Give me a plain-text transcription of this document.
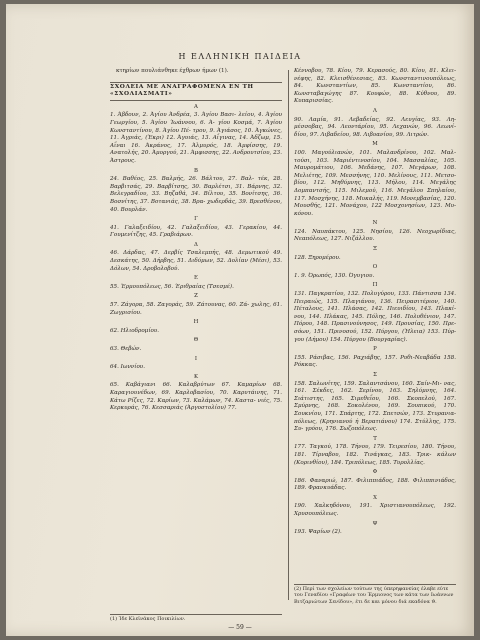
Η ΕΛΛΗΝΙΚΗ ΠΑΙΔΕΙΑ

κτηρίων πουλιάνθηκε έχθρων ήμων (1).

ΣΧΟΛΕΙΑ ΜΕ ΑΝΑΓΡΑΦΟΜΕΝΑ ΕΝ ΤΗ «ΣΧΟΛΙΑΣΜΑΤΙ»
Α

1. Άβδουν, 2. Άγίου Άνδρέα, 3. Άγίου Βασι- λείου, 4. Άγίου Γεωργίου, 5. Άγίου Ίωάννου, 6. Ά- γίου Κοσμά, 7. Άγίου Κωνσταντίνου, 8. Άγίου Πέ- τρου, 9. Άγιάσος, 10. Άγκώνες, 11. Άγριάς, (Έκρι) 12. Άγυιάς, 13. Αΐγινας, 14. Άδζωμ, 15. Αΐναι 16. Άκράνος, 17. Άλμυρός, 18. Άμφίσσης, 19. Ανατολής, 20. Άμοργού, 21. Άμφισσης, 22. Ανδρουτσίου, 23. Άστρους.

Β

24. Βαθέος, 25. Βαλμής, 26. Βάλτου, 27. Βαλ- τέκ, 28. Βαρβιτσάς, 29. Βαρβίτσης, 30. Βαρλέτσι, 31. Βάρνης, 32. Βελεγραδίου, 33. Βηζαθά, 34. Βίλτου, 35. Βονίτσης, 36. Βοσνίτης, 37. Βοτανιάς, 38. Βρα- χωδερδάς, 39. Βρεσθένου, 40. Βουρλάν.

Γ

41. Γαλαξειδίου, 42. Γαλαξειδίου, 43. Γερακίου, 44. Γουμενίτζης, 45. Γραβιάρων.

Δ

46. Δάρδας, 47. Δερβίς Τσαλεμπής, 48. Δεμωτικού 49. Δεσκάτης, 50. Δήρβης, 51. Διδύμων, 52. Δολίαν (Μέσι), 53. Δόλων, 54. Δροβολοβού.

Ε

55. Έρμουπόλεως, 56. Έριθραίας (Τσεσμέ).

Ζ

57. Ζάγορα, 58. Ζαγοράς, 59. Ζάτουνας, 60. Ζά- χωλης, 61. Ζωγρισίου.

Η

62. Ηλιοδρομίου.

Θ

63. Θεβών.

Ι

64. Ιωννίου.

Κ

65. Καβάγιανι 66. Καλαβρύτων 67. Καμαρίων 68. Καραγιουνέδων, 69. Καρλοβασίου, 70. Καρυτάινης, 71. Κάτω Ρίζες, 72. Καρίων, 73. Καλάμων, 74. Καστα- νιές, 75. Κερκυράς, 76. Κεσσαριάς (Άργοστολίου) 77.

Κέννοβου, 78. Κίου, 79. Κερασούς, 80. Κίου, 81. Κλει- νέφης, 82. Κλεισθένεσιας, 83. Κωνσταντινουπόλεως, 84. Κωνσταντίων, 85. Κωνσταντίου, 86. Κωνσταβαγώγης 87. Κουφών, 88. Κύθνου, 89. Κυπαρισσίας.

Λ

90. Λαμία, 91. Λεβαδείας, 92. Λευγίας, 93. Λη- μέσσοβας, 94. Λεοντάρίου, 95. Λεχανών, 96. Λεωνί- δίου, 97. Λιβαδείου, 98. Λιβυανίου, 99. Λιτρών.

Μ

100. Μαγούλιανών, 101. Μαλανδρίνου, 102. Μαλ- τούσι, 103. Μαριέντινοσίου, 104. Μασσαλίας, 105. Μαυρομάτιου, 106. Μεδάνης, 107. Μεγάρων, 108. Μελιέτης, 109. Μεσσήνης, 110. Μελίνους, 111. Μετσο- βίου, 112. Μηθύμνης, 113. Μήλου, 114. Μεγάλης Δομπαντσής, 115. Μιλεμού, 116. Μεγάλου Σπηλαίου, 117. Μοσχήνης, 118. Μυκαλής, 119. Μονεμβασίας, 120. Μουσθής, 121. Μονάχου, 122 Μοσχονησίων, 123. Μυ- κόνου.

Ν

124. Ναυπάκτου, 125. Νησίου, 126. Νεοχωρίδιας, Νεαπόλεως, 127. Νιζάλλου.

Ξ

128. Ξηρομέρου.

Ο

1. 9. Όρωπός, 130. Όγυγιου.

Π

131. Παγκρατίου, 132. Πολυγύρου, 133. Πάντισσα 134. Πειραιώς, 135. Πλαγιάνου, 136. Πειρασιτέριον, 140. Πέταλους, 141. Πλάσας, 142. Πιευιδίου, 143. Πλακί- νου, 144. Πλάκας, 145. Πόλης, 146. Πολυθένιον, 147. Πόρου, 148. Πρασινούνησος, 149. Προυσίας, 150. Πρε- σόων, 151. Πρινοσού, 152. Πύργου, (Ήλεια) 153. Πύρ- γου (Δήμου) 154. Πύργου (Βουργαρίας).

Ρ

155. Ράσιβας, 156. Ραχιάβης, 157. Ρυθι-Νεαβάδα 158. Ρόκκας.

Σ

158. Σαλωνίτης, 159. Σαλαντσάνου, 160. Σαίν-Μι- νας, 161. Σέκδες, 162. Σερίνου, 163. Σηλύμνης, 164. Σιάτιστης, 165. Σιμεθεΐου, 166. Σκοπελού, 167. Σμύρνης, 168. Σοκολένου, 169. Σουπικού, 170. Σουκνίου, 171. Σπάρτης, 172. Σπετσών, 173. Στυρανια- πόλεως, (Κρηνιανού ή Βερατιάνου) 174. Στύλλης, 175. Συ- γρόου, 176. Σωζοπόλεως.

Τ

177. Ταγκού, 178. Τήνου, 179. Τειρεσίου, 180. Τήνου, 181. Τίρναβου, 182. Τινάγκας, 183. Τρικ- κάλων (Κορινθίου), 184. Τριπόλεως, 185. Τυρολλίας.

Φ

186. Φαναριώ, 187. Φιλιππιάδος, 188. Φιλιππινιάδος, 189. Φρανκυάδας.

Χ

190. Χαλκηδόνου, 191. Χριστιανουπόλεως, 192. Χρυσουπόλεως.

Ψ

193. Ψαρίων (2).

(2) Περί των σχολείων τούτων της ύπερηφανείας έλαβε εύτε του Γεναδίου «Γραφέων του Έρμιονος των κάτα των Ιωάννων Βιτζαριώτων Σενίδου», έτι δε και μόνου διά εκαδόνα ϑ.
(1) Ίδε Κλεϊνάκος Ποικιλίων.
— 59 —
